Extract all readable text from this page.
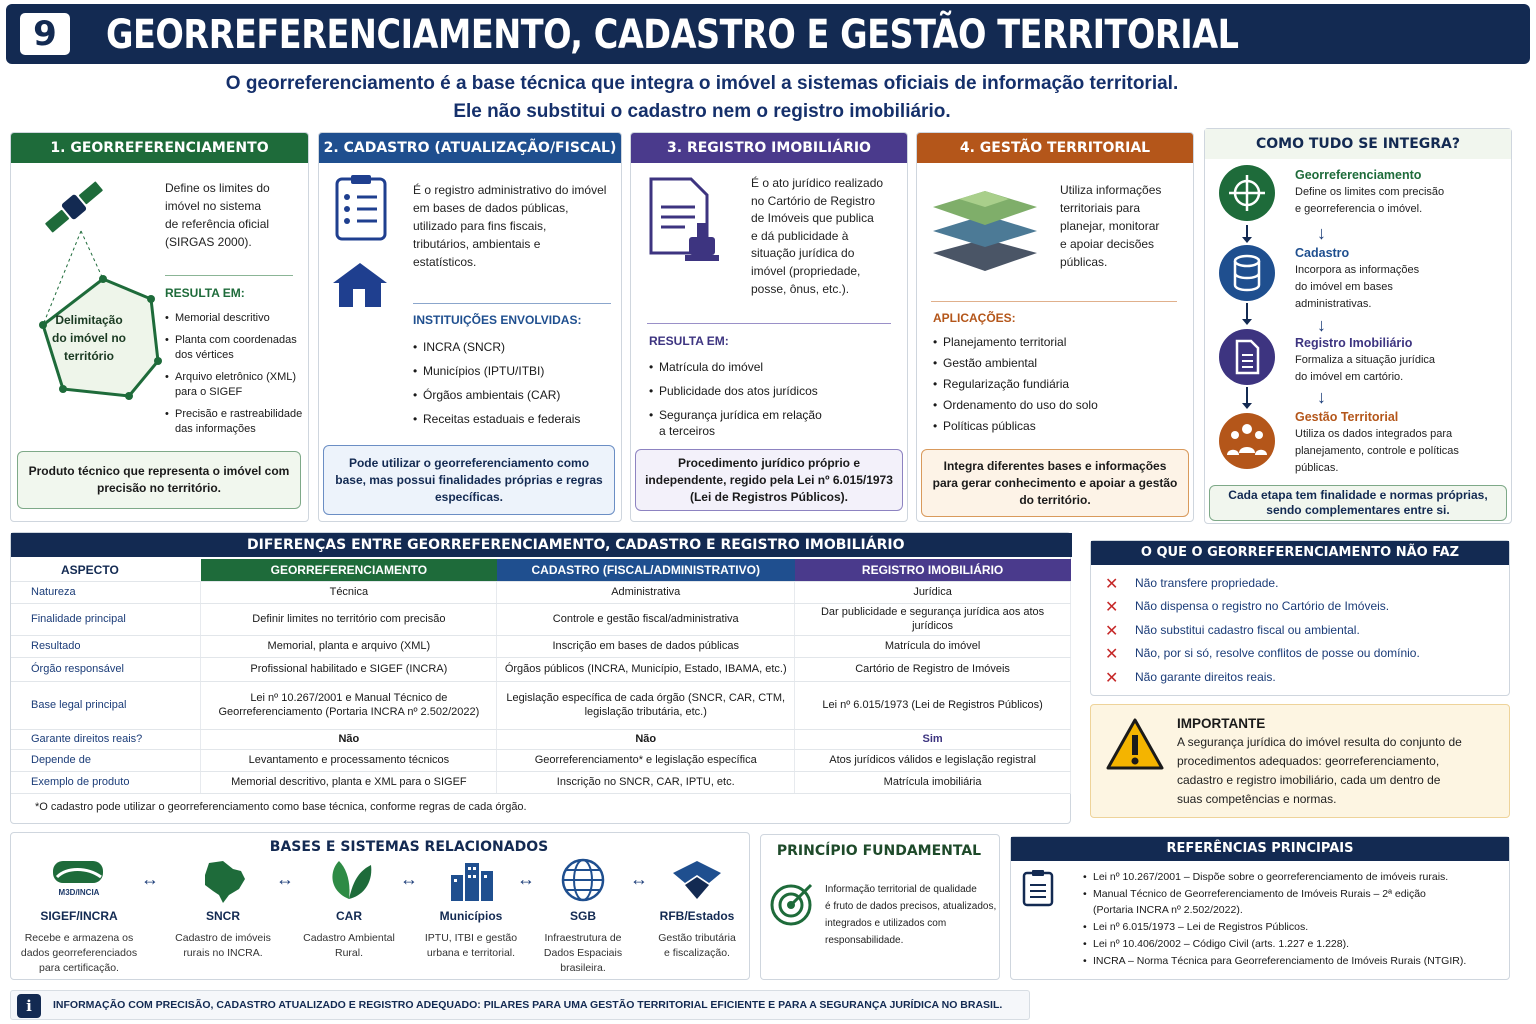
9	GEORREFERENCIAMENTO, CADASTRO E GESTÃO TERRITORIAL
O georreferenciamento é a base técnica que integra o imóvel a sistemas oficiais de informação territorial.
Ele não substitui o cadastro nem o registro imobiliário.
1. GEORREFERENCIAMENTO
Delimitação
do imóvel no
território
Define os limites do
imóvel no sistema
de referência oficial
(SIRGAS 2000).
RESULTA EM:
• Memorial descritivo
• Planta com coordenadas
dos vértices
• Arquivo eletrônico (XML)
para o SIGEF
• Precisão e rastreabilidade
das informações
Produto técnico que representa o imóvel com precisão no território.
2. CADASTRO (ATUALIZAÇÃO/FISCAL)
É o registro administrativo do imóvel
em bases de dados públicas,
utilizado para fins fiscais,
tributários, ambientais e
estatísticos.
INSTITUIÇÕES ENVOLVIDAS:
• INCRA (SNCR)
• Municípios (IPTU/ITBI)
• Órgãos ambientais (CAR)
• Receitas estaduais e federais
Pode utilizar o georreferenciamento como base, mas possui finalidades próprias e regras específicas.
3. REGISTRO IMOBILIÁRIO
É o ato jurídico realizado
no Cartório de Registro
de Imóveis que publica
e dá publicidade à
situação jurídica do
imóvel (propriedade,
posse, ônus, etc.).
RESULTA EM:
• Matrícula do imóvel
• Publicidade dos atos jurídicos
• Segurança jurídica em relação
a terceiros
Procedimento jurídico próprio e independente, regido pela Lei nº 6.015/1973 (Lei de Registros Públicos).
4. GESTÃO TERRITORIAL
Utiliza informações
territoriais para
planejar, monitorar
e apoiar decisões
públicas.
APLICAÇÕES:
• Planejamento territorial
• Gestão ambiental
• Regularização fundiária
• Ordenamento do uso do solo
• Políticas públicas
Integra diferentes bases e informações para gerar conhecimento e apoiar a gestão do território.
COMO TUDO SE INTEGRA?
Georreferenciamento
Define os limites com precisão
e georreferencia o imóvel.
↓
Cadastro
Incorpora as informações
do imóvel em bases
administrativas.
↓
Registro Imobiliário
Formaliza a situação jurídica
do imóvel em cartório.
↓
Gestão Territorial
Utiliza os dados integrados para
planejamento, controle e políticas
públicas.
Cada etapa tem finalidade e normas próprias, sendo complementares entre si.
DIFERENÇAS ENTRE GEORREFERENCIAMENTO, CADASTRO E REGISTRO IMOBILIÁRIO
ASPECTO	GEORREFERENCIAMENTO	CADASTRO (FISCAL/ADMINISTRATIVO)	REGISTRO IMOBILIÁRIO
Natureza	Técnica	Administrativa	Jurídica
Finalidade principal	Definir limites no território com precisão	Controle e gestão fiscal/administrativa	Dar publicidade e segurança jurídica aos atos jurídicos
Resultado	Memorial, planta e arquivo (XML)	Inscrição em bases de dados públicas	Matrícula do imóvel
Órgão responsável	Profissional habilitado e SIGEF (INCRA)	Órgãos públicos (INCRA, Município, Estado, IBAMA, etc.)	Cartório de Registro de Imóveis
Base legal principal	Lei nº 10.267/2001 e Manual Técnico de Georreferenciamento (Portaria INCRA nº 2.502/2022)	Legislação específica de cada órgão (SNCR, CAR, CTM, legislação tributária, etc.)	Lei nº 6.015/1973 (Lei de Registros Públicos)
Garante direitos reais?	Não	Não	Sim
Depende de	Levantamento e processamento técnicos	Georreferenciamento* e legislação específica	Atos jurídicos válidos e legislação registral
Exemplo de produto	Memorial descritivo, planta e XML para o SIGEF	Inscrição no SNCR, CAR, IPTU, etc.	Matrícula imobiliária
*O cadastro pode utilizar o georreferenciamento como base técnica, conforme regras de cada órgão.
O QUE O GEORREFERENCIAMENTO NÃO FAZ
✕ Não transfere propriedade.
✕ Não dispensa o registro no Cartório de Imóveis.
✕ Não substitui cadastro fiscal ou ambiental.
✕ Não, por si só, resolve conflitos de posse ou domínio.
✕ Não garante direitos reais.
IMPORTANTE
A segurança jurídica do imóvel resulta do conjunto de
procedimentos adequados: georreferenciamento,
cadastro e registro imobiliário, cada um dentro de
suas competências e normas.
BASES E SISTEMAS RELACIONADOS
M3D/INCIA
SIGEF/INCRA
Recebe e armazena os
dados georreferenciados
para certificação.
↔
SNCR
Cadastro de imóveis
rurais no INCRA.
↔
CAR
Cadastro Ambiental
Rural.
↔
Municípios
IPTU, ITBI e gestão
urbana e territorial.
↔
SGB
Infraestrutura de
Dados Espaciais
brasileira.
↔
RFB/Estados
Gestão tributária
e fiscalização.
PRINCÍPIO FUNDAMENTAL
Informação territorial de qualidade
é fruto de dados precisos, atualizados,
integrados e utilizados com
responsabilidade.
REFERÊNCIAS PRINCIPAIS
• Lei nº 10.267/2001 – Dispõe sobre o georreferenciamento de imóveis rurais.
• Manual Técnico de Georreferenciamento de Imóveis Rurais – 2ª edição
(Portaria INCRA nº 2.502/2022).
• Lei nº 6.015/1973 – Lei de Registros Públicos.
• Lei nº 10.406/2002 – Código Civil (arts. 1.227 e 1.228).
• INCRA – Norma Técnica para Georreferenciamento de Imóveis Rurais (NTGIR).
i	INFORMAÇÃO COM PRECISÃO, CADASTRO ATUALIZADO E REGISTRO ADEQUADO: PILARES PARA UMA GESTÃO TERRITORIAL EFICIENTE E PARA A SEGURANÇA JURÍDICA NO BRASIL.
